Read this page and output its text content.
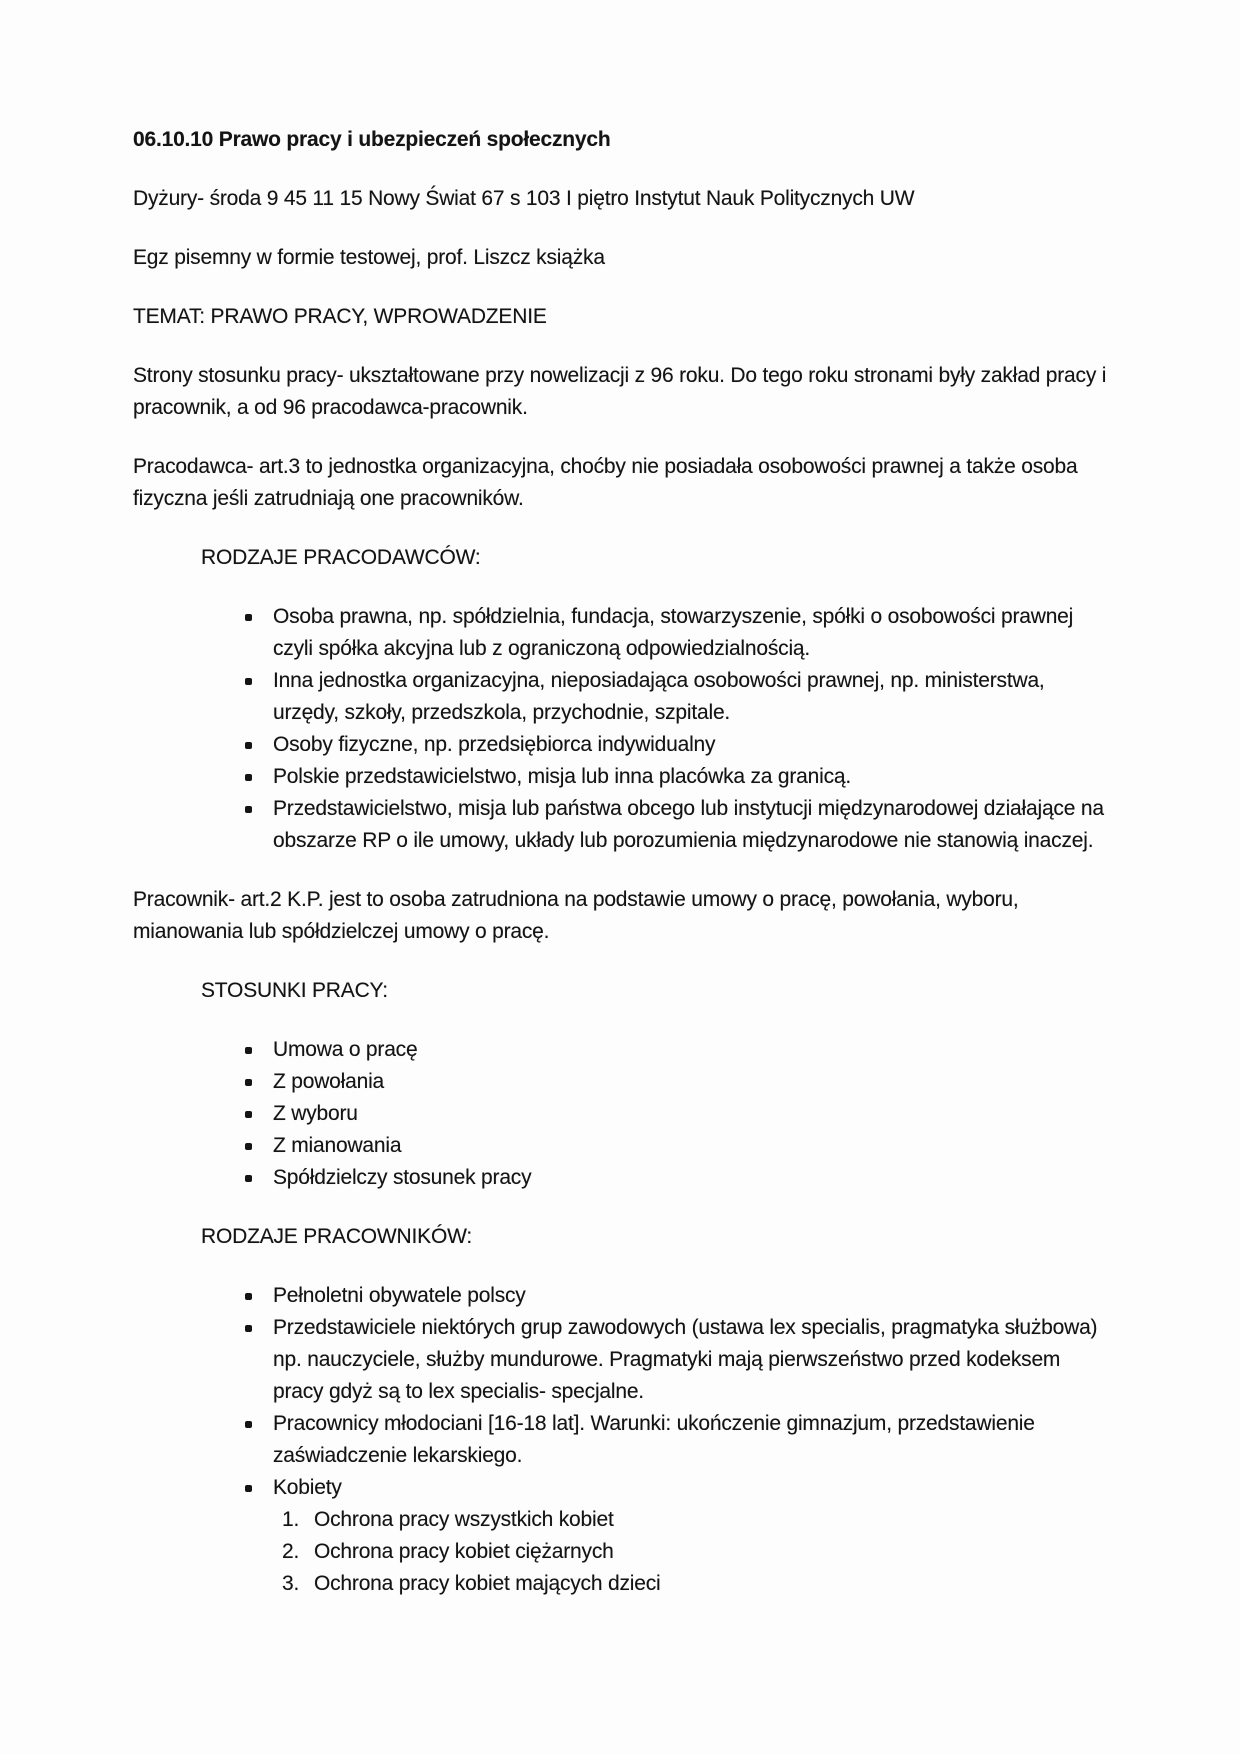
06.10.10 Prawo pracy i ubezpieczeń społecznych

Dyżury- środa 9 45 11 15 Nowy Świat 67 s 103 I piętro Instytut Nauk Politycznych UW

Egz pisemny w formie testowej, prof. Liszcz książka

TEMAT: PRAWO PRACY, WPROWADZENIE

Strony stosunku pracy- ukształtowane przy nowelizacji z 96 roku. Do tego roku stronami były zakład pracy i pracownik, a od 96 pracodawca-pracownik.

Pracodawca- art.3 to jednostka organizacyjna, choćby nie posiadała osobowości prawnej a także osoba fizyczna jeśli zatrudniają one pracowników.

RODZAJE PRACODAWCÓW:

Osoba prawna, np. spółdzielnia, fundacja, stowarzyszenie, spółki o osobowości prawnej czyli spółka akcyjna lub z ograniczoną odpowiedzialnością.
Inna jednostka organizacyjna, nieposiadająca osobowości prawnej, np. ministerstwa, urzędy, szkoły, przedszkola, przychodnie, szpitale.
Osoby fizyczne, np. przedsiębiorca indywidualny
Polskie przedstawicielstwo, misja lub inna placówka za granicą.
Przedstawicielstwo, misja lub państwa obcego lub instytucji międzynarodowej działające na obszarze RP o ile umowy, układy lub porozumienia międzynarodowe nie stanowią inaczej.

Pracownik- art.2 K.P. jest to osoba zatrudniona na podstawie umowy o pracę, powołania, wyboru, mianowania lub spółdzielczej umowy o pracę.

STOSUNKI PRACY:

Umowa o pracę
Z powołania
Z wyboru
Z mianowania
Spółdzielczy stosunek pracy

RODZAJE PRACOWNIKÓW:

Pełnoletni obywatele polscy
Przedstawiciele niektórych grup zawodowych (ustawa lex specialis, pragmatyka służbowa) np. nauczyciele, służby mundurowe. Pragmatyki mają pierwszeństwo przed kodeksem pracy gdyż są to lex specialis- specjalne.
Pracownicy młodociani [16-18 lat]. Warunki: ukończenie gimnazjum, przedstawienie zaświadczenie lekarskiego.
Kobiety
1. Ochrona pracy wszystkich kobiet
2. Ochrona pracy kobiet ciężarnych
3. Ochrona pracy kobiet mających dzieci
